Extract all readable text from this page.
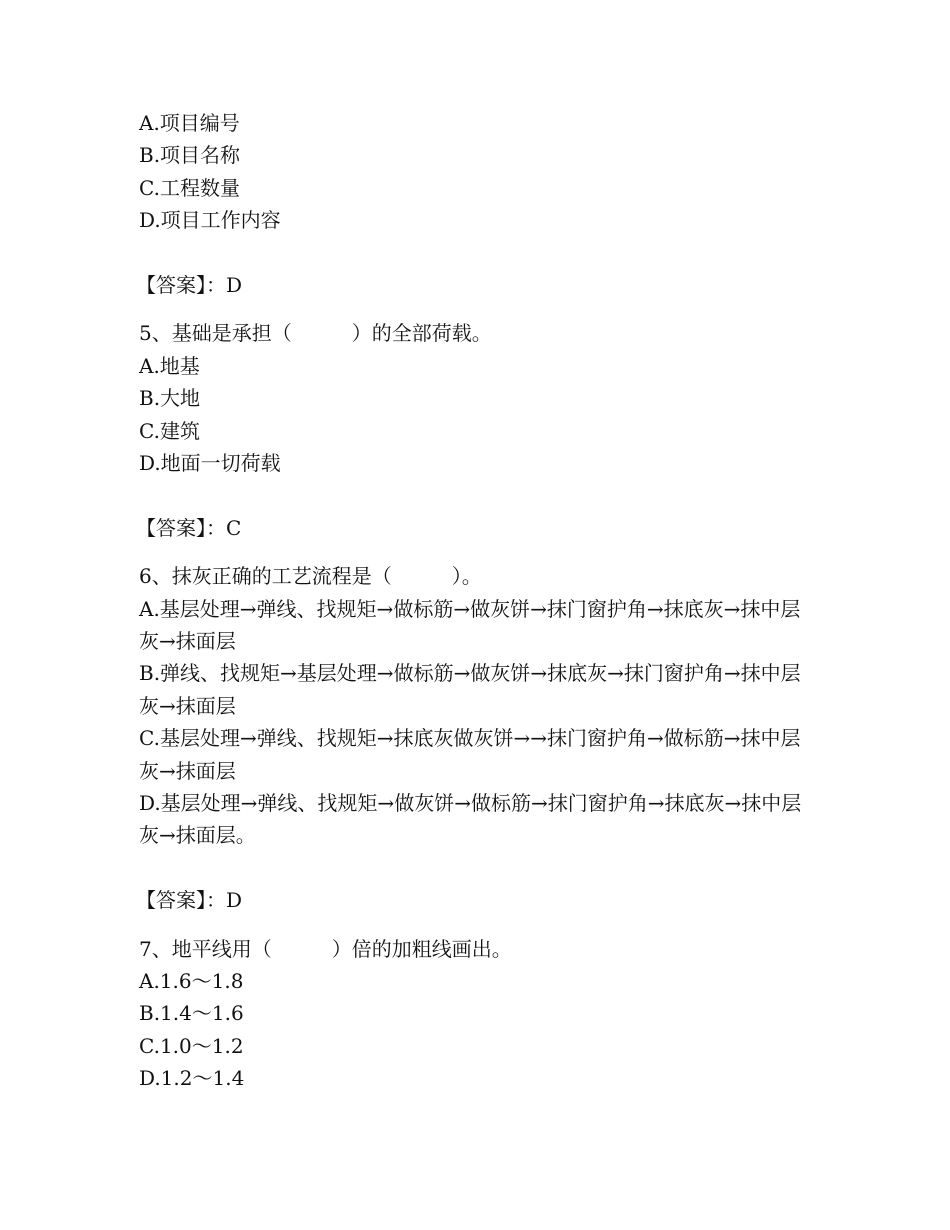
A.项目编号
B.项目名称
C.工程数量
D.项目工作内容
【答案】：D
5、基础是承担（　　　）的全部荷载。
A.地基
B.大地
C.建筑
D.地面一切荷载
【答案】：C
6、抹灰正确的工艺流程是（　　　）。
A.基层处理→弹线、找规矩→做标筋→做灰饼→抹门窗护角→抹底灰→抹中层灰→抹面层
B.弹线、找规矩→基层处理→做标筋→做灰饼→抹底灰→抹门窗护角→抹中层灰→抹面层
C.基层处理→弹线、找规矩→抹底灰做灰饼→→抹门窗护角→做标筋→抹中层灰→抹面层
D.基层处理→弹线、找规矩→做灰饼→做标筋→抹门窗护角→抹底灰→抹中层灰→抹面层。
【答案】：D
7、地平线用（　　　）倍的加粗线画出。
A.1.6～1.8
B.1.4～1.6
C.1.0～1.2
D.1.2～1.4
